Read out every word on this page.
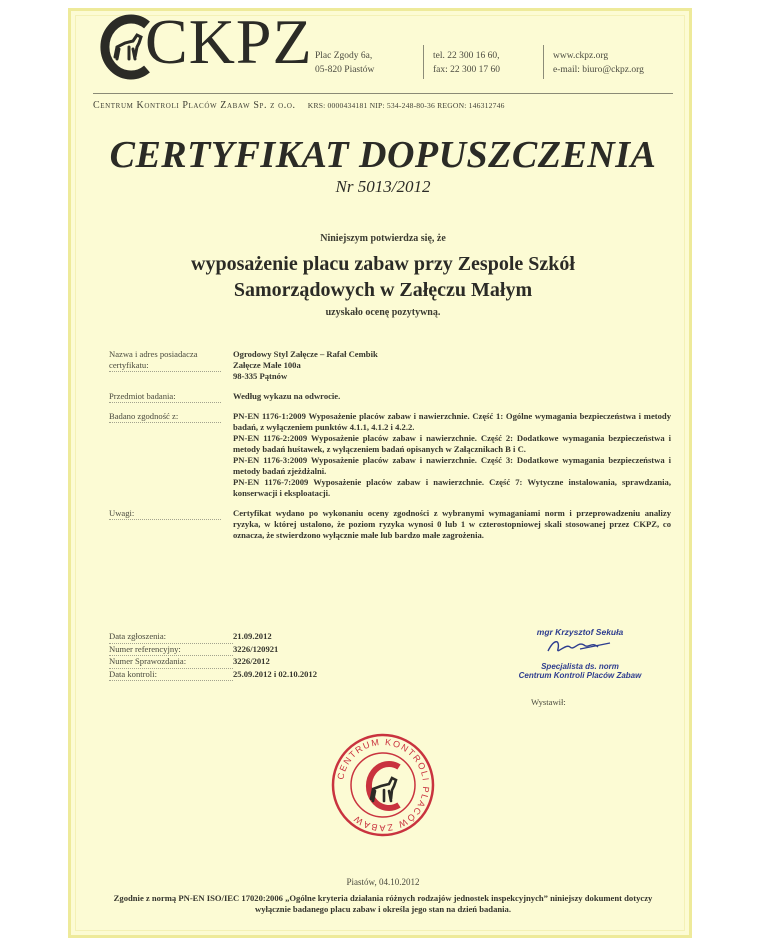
CKPZ Plac Zgody 6a,
05-820 Piastów
tel. 22 300 16 60,
fax: 22 300 17 60
www.ckpz.org
e-mail: biuro@ckpz.org
Centrum Kontroli Placów Zabaw Sp. z o.o. KRS: 0000434181 NIP: 534-248-80-36 REGON: 146312746
CERTYFIKAT DOPUSZCZENIA
Nr 5013/2012
Niniejszym potwierdza się, że
wyposażenie placu zabaw przy Zespole Szkół Samorządowych w Załęczu Małym
uzyskało ocenę pozytywną.
Nazwa i adres posiadacza certyfikatu:

Ogrodowy Styl Załęcze – Rafał Cembik

Załęcze Małe 100a

98-335 Pątnów

Przedmiot badania:	Według wykazu na odwrocie.
Badano zgodność z:	PN-EN 1176-1:2009 Wyposażenie placów zabaw i nawierzchnie. Część 1: Ogólne wymagania bezpieczeństwa i metody badań, z wyłączeniem punktów 4.1.1, 4.1.2 i 4.2.2.

PN-EN 1176-2:2009 Wyposażenie placów zabaw i nawierzchnie. Część 2: Dodatkowe wymagania bezpieczeństwa i metody badań huśtawek, z wyłączeniem badań opisanych w Załącznikach B i C.

PN-EN 1176-3:2009 Wyposażenie placów zabaw i nawierzchnie. Część 3: Dodatkowe wymagania bezpieczeństwa i metody badań zjeżdżalni.

PN-EN 1176-7:2009 Wyposażenie placów zabaw i nawierzchnie. Część 7: Wytyczne instalowania, sprawdzania, konserwacji i eksploatacji.

Uwagi:	Certyfikat wydano po wykonaniu oceny zgodności z wybranymi wymaganiami norm i przeprowadzeniu analizy ryzyka, w której ustalono, że poziom ryzyka wynosi 0 lub 1 w czterostopniowej skali stosowanej przez CKPZ, co oznacza, że stwierdzono wyłącznie małe lub bardzo małe zagrożenia.
Data zgłoszenia:	21.09.2012
Numer referencyjny:	3226/120921
Numer Sprawozdania:	3226/2012
Data kontroli:	25.09.2012 i 02.10.2012
mgr Krzysztof Sekuła
Specjalista ds. norm
Centrum Kontroli Placów Zabaw
Wystawił:
CENTRUM KONTROLI PLACÓW ZABAW
Piastów, 04.10.2012
Zgodnie z normą PN-EN ISO/IEC 17020:2006 „Ogólne kryteria działania różnych rodzajów jednostek inspekcyjnych” niniejszy dokument dotyczy wyłącznie badanego placu zabaw i określa jego stan na dzień badania.
